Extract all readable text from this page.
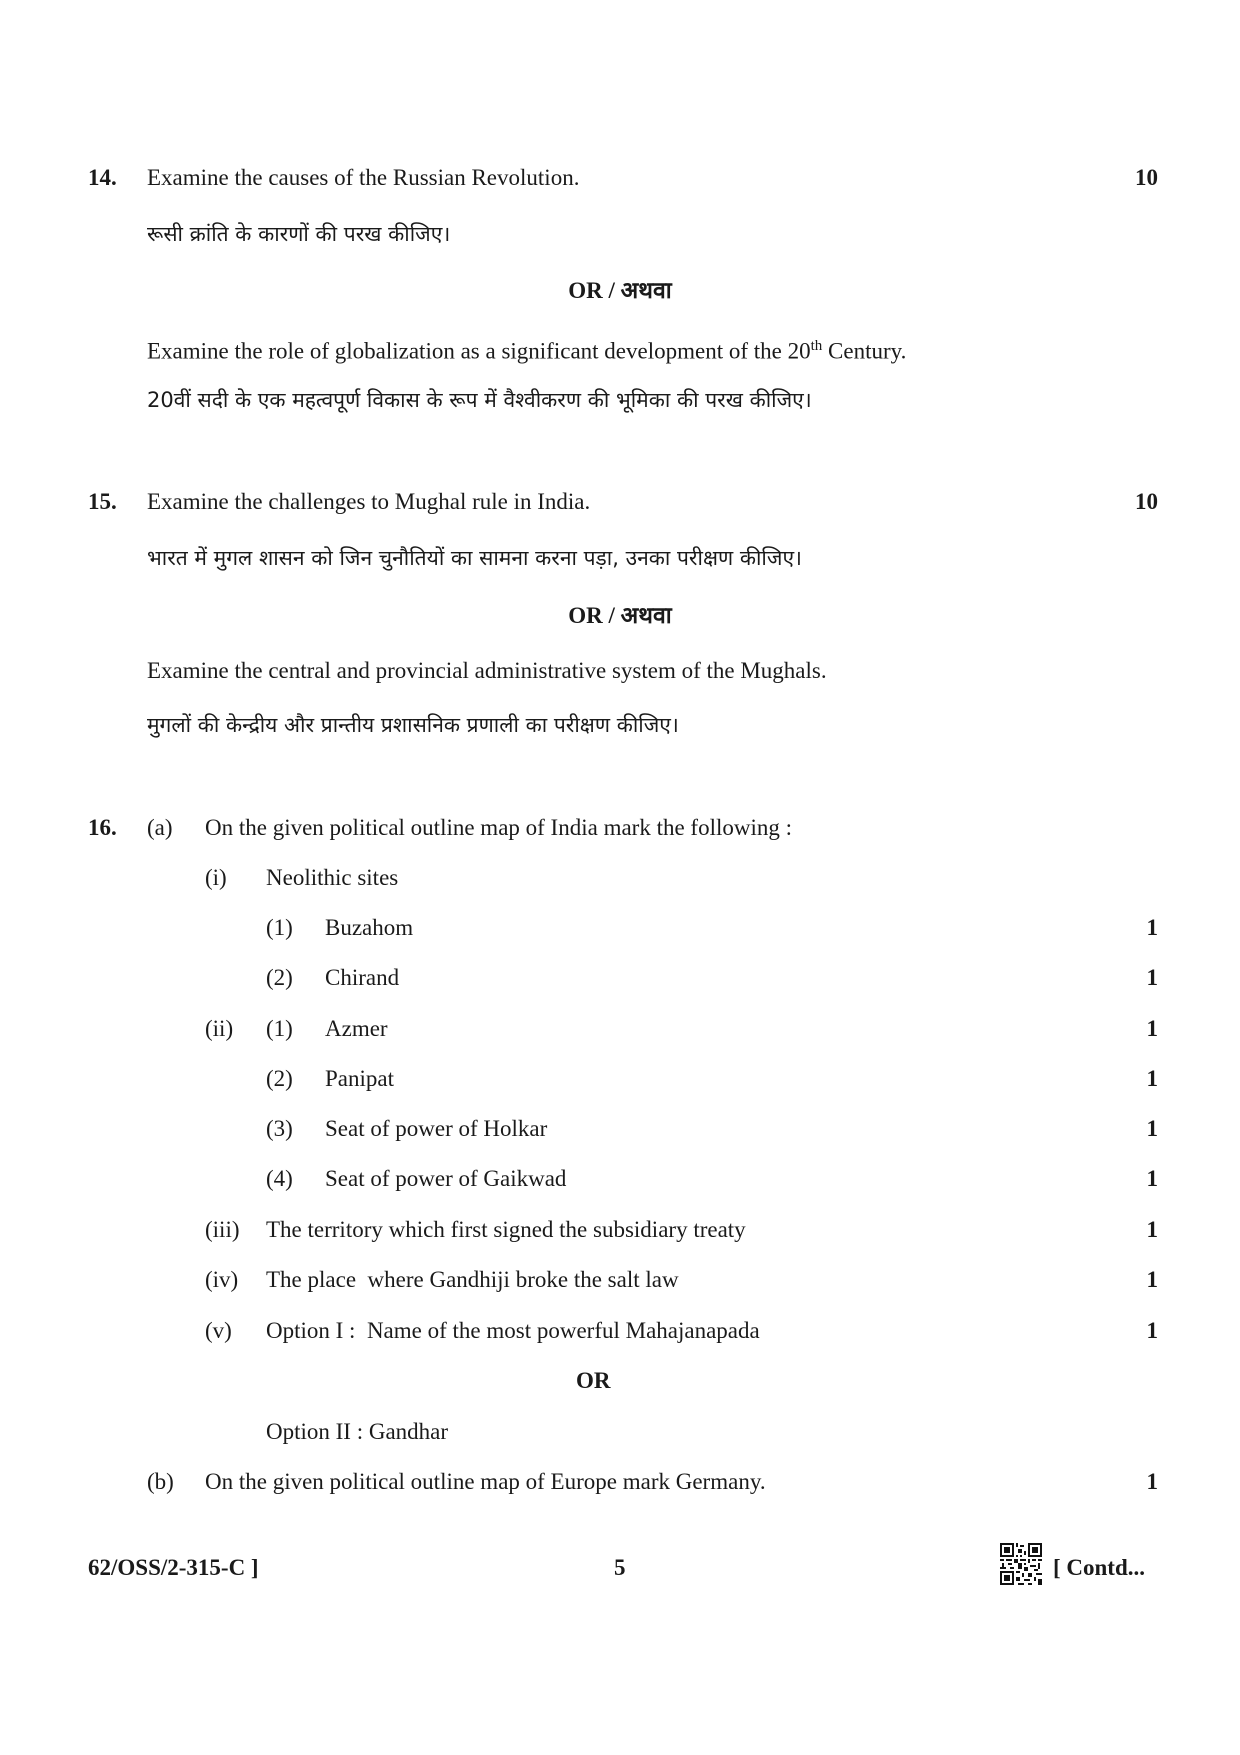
14. Examine the causes of the Russian Revolution.	10
रूसी क्रांति के कारणों की परख कीजिए।
OR / अथवा
Examine the role of globalization as a significant development of the 20th Century.
20वीं सदी के एक महत्वपूर्ण विकास के रूप में वैश्वीकरण की भूमिका की परख कीजिए।
15. Examine the challenges to Mughal rule in India.	10
भारत में मुगल शासन को जिन चुनौतियों का सामना करना पड़ा, उनका परीक्षण कीजिए।
OR / अथवा
Examine the central and provincial administrative system of the Mughals.
मुगलों की केन्द्रीय और प्रान्तीय प्रशासनिक प्रणाली का परीक्षण कीजिए।
16. (a) On the given political outline map of India mark the following :
(i) Neolithic sites
(1) Buzahom	1
(2) Chirand	1
(ii) (1) Azmer	1
(2) Panipat	1
(3) Seat of power of Holkar	1
(4) Seat of power of Gaikwad	1
(iii) The territory which first signed the subsidiary treaty	1
(iv) The place  where Gandhiji broke the salt law	1
(v) Option I :  Name of the most powerful Mahajanapada	1
OR
Option II : Gandhar
(b) On the given political outline map of Europe mark Germany.	1
62/OSS/2-315-C ]	5	[ Contd...
